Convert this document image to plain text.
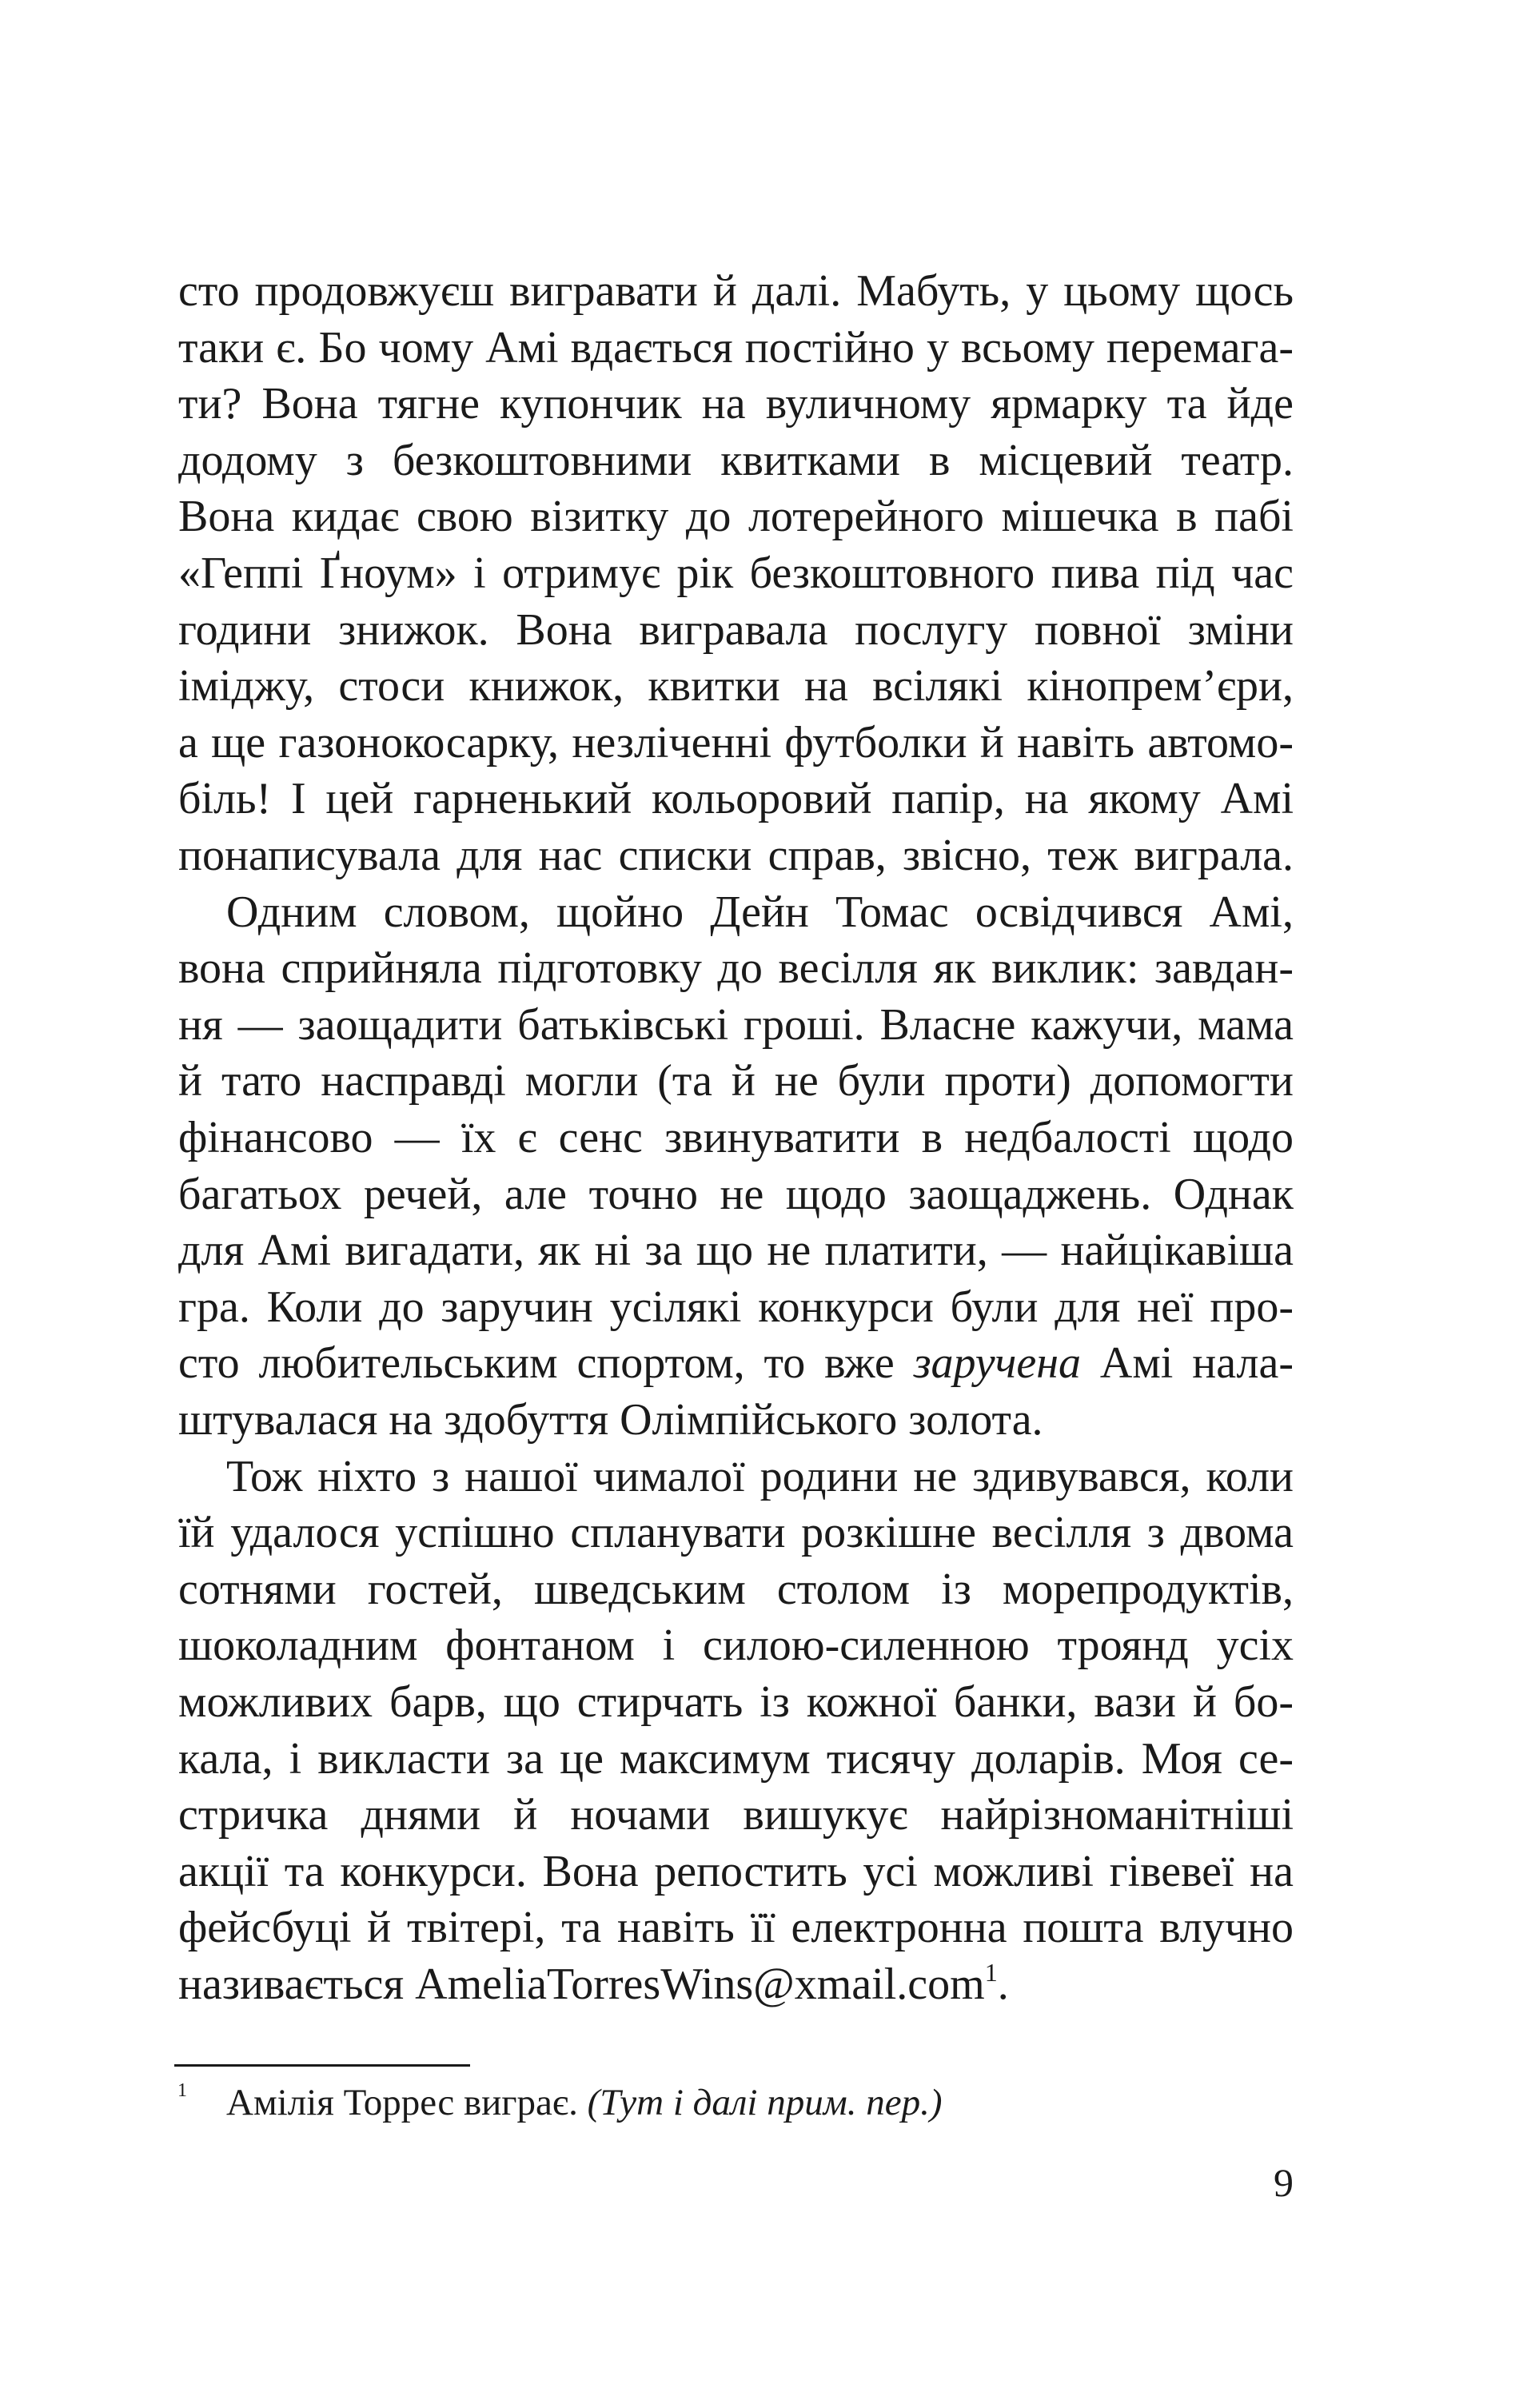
сто продовжуєш вигравати й далі. Мабуть, у цьому щось
таки є. Бо чому Амі вдається постійно у всьому перемага-
ти? Вона тягне купончик на вуличному ярмарку та йде
додому з безкоштовними квитками в місцевий театр.
Вона кидає свою візитку до лотерейного мішечка в пабі
«Геппі Ґноум» і отримує рік безкоштовного пива під час
години знижок. Вона вигравала послугу повної зміни
іміджу, стоси книжок, квитки на всілякі кінопрем’єри,
а ще газонокосарку, незліченні футболки й навіть автомо-
біль! І цей гарненький кольоровий папір, на якому Амі
понаписувала для нас списки справ, звісно, теж виграла.
Одним словом, щойно Дейн Томас освідчився Амі,
вона сприйняла підготовку до весілля як виклик: завдан-
ня — заощадити батьківські гроші. Власне кажучи, мама
й тато насправді могли (та й не були проти) допомогти
фінансово — їх є сенс звинуватити в недбалості щодо
багатьох речей, але точно не щодо заощаджень. Однак
для Амі вигадати, як ні за що не платити, — найцікавіша
гра. Коли до заручин усілякі конкурси були для неї про-
сто любительським спортом, то вже заручена Амі нала-
штувалася на здобуття Олімпійського золота.
Тож ніхто з нашої чималої родини не здивувався, коли
їй удалося успішно спланувати розкішне весілля з двома
сотнями гостей, шведським столом із морепродуктів,
шоколадним фонтаном і силою-силенною троянд усіх
можливих барв, що стирчать із кожної банки, вази й бо-
кала, і викласти за це максимум тисячу доларів. Моя се-
стричка днями й ночами вишукує найрізноманітніші
акції та конкурси. Вона репостить усі можливі гівевеї на
фейсбуці й твітері, та навіть її електронна пошта влучно
називається AmeliaTorresWins@xmail.com$^1$.
1 Амілія Торрес виграє. (Тут і далі прим. пер.)
9
